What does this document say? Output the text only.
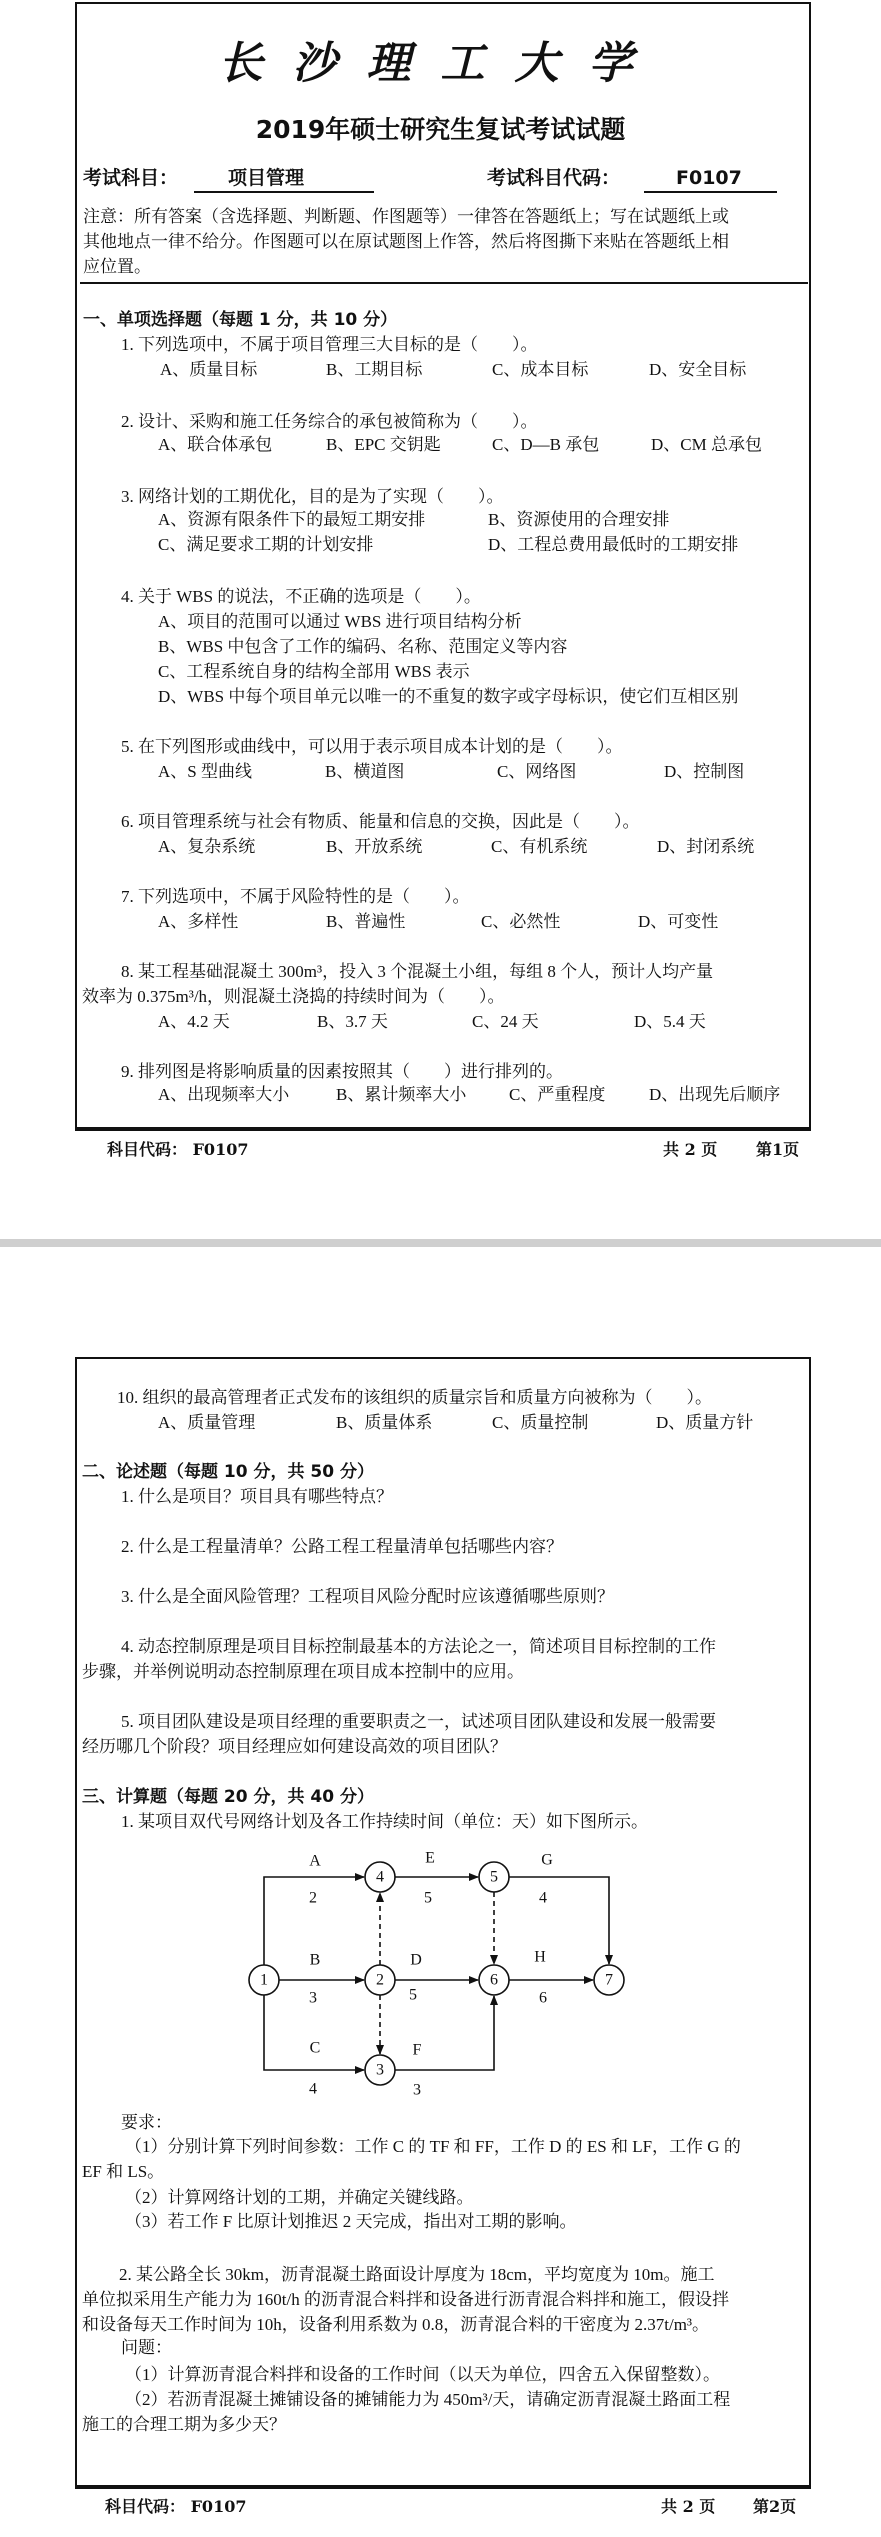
长沙理工大学
2019年硕士研究生复试考试试题
考试科目：	项目管理	考试科目代码：	F0107
注意：所有答案（含选择题、判断题、作图题等）一律答在答题纸上；写在试题纸上或
其他地点一律不给分。作图题可以在原试题图上作答，然后将图撕下来贴在答题纸上相
应位置。
一、单项选择题（每题 1 分，共 10 分）
1. 下列选项中，不属于项目管理三大目标的是（　　）。
A、质量目标	B、工期目标	C、成本目标	D、安全目标
2. 设计、采购和施工任务综合的承包被简称为（　　）。
A、联合体承包	B、EPC 交钥匙	C、D—B 承包	D、CM 总承包
3. 网络计划的工期优化，目的是为了实现（　　）。
A、资源有限条件下的最短工期安排	B、资源使用的合理安排
C、满足要求工期的计划安排	D、工程总费用最低时的工期安排
4. 关于 WBS 的说法，不正确的选项是（　　）。
A、项目的范围可以通过 WBS 进行项目结构分析
B、WBS 中包含了工作的编码、名称、范围定义等内容
C、工程系统自身的结构全部用 WBS 表示
D、WBS 中每个项目单元以唯一的不重复的数字或字母标识，使它们互相区别
5. 在下列图形或曲线中，可以用于表示项目成本计划的是（　　）。
A、S 型曲线	B、横道图	C、网络图	D、控制图
6. 项目管理系统与社会有物质、能量和信息的交换，因此是（　　）。
A、复杂系统	B、开放系统	C、有机系统	D、封闭系统
7. 下列选项中，不属于风险特性的是（　　）。
A、多样性	B、普遍性	C、必然性	D、可变性
8. 某工程基础混凝土 300m³，投入 3 个混凝土小组，每组 8 个人，预计人均产量
效率为 0.375m³/h，则混凝土浇捣的持续时间为（　　）。
A、4.2 天	B、3.7 天	C、24 天	D、5.4 天
9. 排列图是将影响质量的因素按照其（　　）进行排列的。
A、出现频率大小	B、累计频率大小	C、严重程度	D、出现先后顺序
科目代码： F0107	共 2 页 第1页
10. 组织的最高管理者正式发布的该组织的质量宗旨和质量方向被称为（　　）。
A、质量管理	B、质量体系	C、质量控制	D、质量方针
二、论述题（每题 10 分，共 50 分）
1. 什么是项目？项目具有哪些特点？
2. 什么是工程量清单？公路工程工程量清单包括哪些内容？
3. 什么是全面风险管理？工程项目风险分配时应该遵循哪些原则？
4. 动态控制原理是项目目标控制最基本的方法论之一，简述项目目标控制的工作
步骤，并举例说明动态控制原理在项目成本控制中的应用。
5. 项目团队建设是项目经理的重要职责之一，试述项目团队建设和发展一般需要
经历哪几个阶段？项目经理应如何建设高效的项目团队？
三、计算题（每题 20 分，共 40 分）
1. 某项目双代号网络计划及各工作持续时间（单位：天）如下图所示。
1	2
3
4	5
6	7
A
2
B
3
C
4
D
5
E
5
F
3
G
4
H
6
要求：
（1）分别计算下列时间参数：工作 C 的 TF 和 FF，工作 D 的 ES 和 LF，工作 G 的
EF 和 LS。
（2）计算网络计划的工期，并确定关键线路。
（3）若工作 F 比原计划推迟 2 天完成，指出对工期的影响。
2. 某公路全长 30km，沥青混凝土路面设计厚度为 18cm，平均宽度为 10m。施工
单位拟采用生产能力为 160t/h 的沥青混合料拌和设备进行沥青混合料拌和施工，假设拌
和设备每天工作时间为 10h，设备利用系数为 0.8，沥青混合料的干密度为 2.37t/m³。
问题：
（1）计算沥青混合料拌和设备的工作时间（以天为单位，四舍五入保留整数）。
（2）若沥青混凝土摊铺设备的摊铺能力为 450m³/天，请确定沥青混凝土路面工程
施工的合理工期为多少天？
科目代码： F0107	共 2 页 第2页
